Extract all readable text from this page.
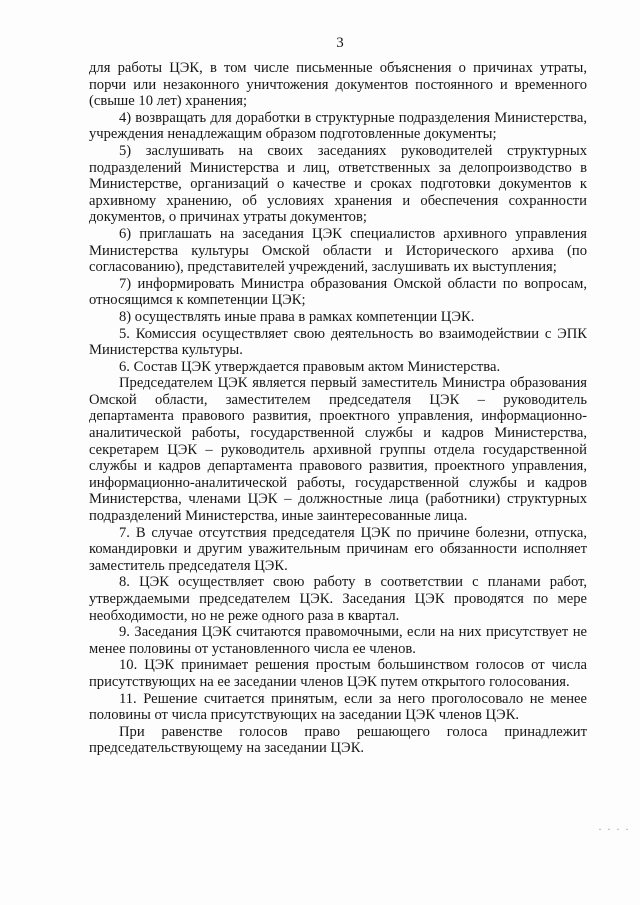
3

для работы ЦЭК, в том числе письменные объяснения о причинах утраты, порчи или незаконного уничтожения документов постоянного и временного (свыше 10 лет) хранения;

4) возвращать для доработки в структурные подразделения Министерства, учреждения ненадлежащим образом подготовленные документы;

5) заслушивать на своих заседаниях руководителей структурных подразделений Министерства и лиц, ответственных за делопроизводство в Министерстве, организаций о качестве и сроках подготовки документов к архивному хранению, об условиях хранения и обеспечения сохранности документов, о причинах утраты документов;

6) приглашать на заседания ЦЭК специалистов архивного управления Министерства культуры Омской области и Исторического архива (по согласованию), представителей учреждений, заслушивать их выступления;

7) информировать Министра образования Омской области по вопросам, относящимся к компетенции ЦЭК;

8) осуществлять иные права в рамках компетенции ЦЭК.

5. Комиссия осуществляет свою деятельность во взаимодействии с ЭПК Министерства культуры.

6. Состав ЦЭК утверждается правовым актом Министерства.

Председателем ЦЭК является первый заместитель Министра образования Омской области, заместителем председателя ЦЭК – руководитель департамента правового развития, проектного управления, информационно-аналитической работы, государственной службы и кадров Министерства, секретарем ЦЭК – руководитель архивной группы отдела государственной службы и кадров департамента правового развития, проектного управления, информационно-аналитической работы, государственной службы и кадров Министерства, членами ЦЭК – должностные лица (работники) структурных подразделений Министерства, иные заинтересованные лица.

7. В случае отсутствия председателя ЦЭК по причине болезни, отпуска, командировки и другим уважительным причинам его обязанности исполняет заместитель председателя ЦЭК.

8. ЦЭК осуществляет свою работу в соответствии с планами работ, утверждаемыми председателем ЦЭК. Заседания ЦЭК проводятся по мере необходимости, но не реже одного раза в квартал.

9. Заседания ЦЭК считаются правомочными, если на них присутствует не менее половины от установленного числа ее членов.

10. ЦЭК принимает решения простым большинством голосов от числа присутствующих на ее заседании членов ЦЭК путем открытого голосования.

11. Решение считается принятым, если за него проголосовало не менее половины от числа присутствующих на заседании ЦЭК членов ЦЭК.

При равенстве голосов право решающего голоса принадлежит председательствующему на заседании ЦЭК.

· · · ·
